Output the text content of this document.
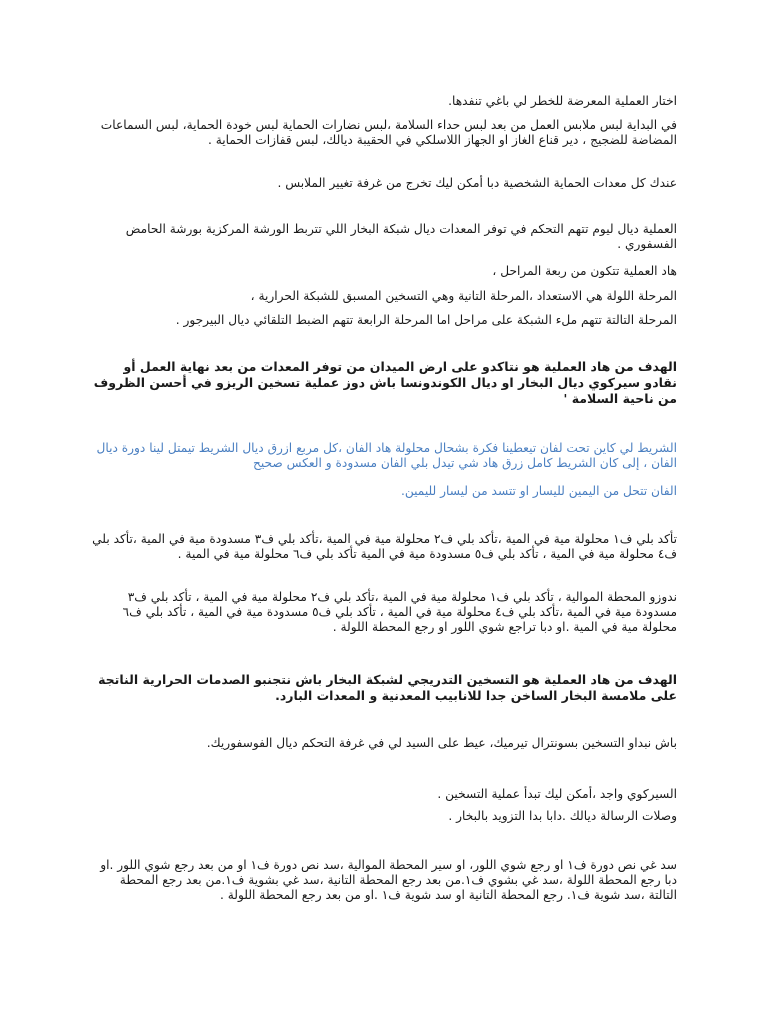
اختار العملية المعرضة للخطر لي باغي تنفدها.

في البداية لبس ملابس العمل من بعد لبس حداء السلامة ،لبس نضارات الحماية لبس خودة الحماية، لبس السماعات المضاضة للضجيج ، دير قناع الغاز او الجهاز اللاسلكي في الحقيبة ديالك، لبس قفازات الحماية .

عندك كل معدات الحماية الشخصية دبا أمكن ليك تخرج من غرفة تغيير الملابس .

العملية ديال ليوم تتهم التحكم في توفر المعدات ديال شبكة البخار اللي تتربط الورشة المركزية بورشة الحامض الفسفوري .

هاد العملية تتكون من ربعة المراحل ،

المرحلة اللولة هي الاستعداد ،المرحلة التانية وهي التسخين المسبق للشبكة الحرارية ،

المرحلة التالتة تتهم ملء الشبكة على مراحل اما المرحلة الرابعة تتهم الضبط التلقائي ديال البيرجور .

الهدف من هاد العملية هو نتاكدو على ارض الميدان من توفر المعدات من بعد نهاية العمل أو نقادو سيركوي ديال البخار او ديال الكوندونسا باش دوز عملية تسخين الريزو في أحسن الظروف من ناحية السلامة '

الشريط لي كاين تحت لفان تيعطينا فكرة بشحال محلولة هاد الفان ،كل مربع ازرق ديال الشريط تيمتل لينا دورة ديال الفان ، إلى كان الشريط كامل زرق هاد شي تيدل بلي الفان مسدودة و العكس صحيح

الفان تتحل من اليمين لليسار او تتسد من ليسار لليمين.

تأكد بلي ف١ محلولة مية في المية ،تأكد بلي ف٢ محلولة مية في المية ،تأكد بلي ف٣ مسدودة مية في المية ،تأكد بلي ف٤ محلولة مية في المية ، تأكد بلي ف٥ مسدودة مية في المية تأكد بلي ف٦ محلولة مية في المية .

ندوزو المحطة الموالية ، تأكد بلي ف١ محلولة مية في المية ،تأكد بلي ف٢ محلولة مية في المية ، تأكد بلي ف٣ مسدودة مية في المية ،تأكد بلي ف٤ محلولة مية في المية ، تأكد بلي ف٥ مسدودة مية في المية ، تأكد بلي ف٦ محلولة مية في المية .او دبا تراجع شوي اللور او رجع المحطة اللولة .

الهدف من هاد العملية هو التسخين التدريجي لشبكة البخار باش نتجنبو الصدمات الحرارية الناتجة على ملامسة البخار الساخن جدا للانابيب المعدنية و المعدات البارد.

باش نبداو التسخين بسونترال تيرميك، عيط على السيد لي في غرفة التحكم ديال الفوسفوريك.

السيركوي واجد ،أمكن ليك تبدأ عملية التسخين .

وصلات الرسالة ديالك .دابا بدا التزويد بالبخار .

سد غي نص دورة ف١ او رجع شوي اللور، او سير المحطة الموالية ،سد نص دورة ف١ او من بعد رجع شوي اللور .او دبا رجع المحطة اللولة ،سد غي بشوي ف١.من بعد رجع المحطة التانية ،سد غي بشوية ف١.من بعد رجع المحطة التالتة ،سد شوية ف١. رجع المحطة التانية او سد شوية ف١ .او من بعد رجع المحطة اللولة .
